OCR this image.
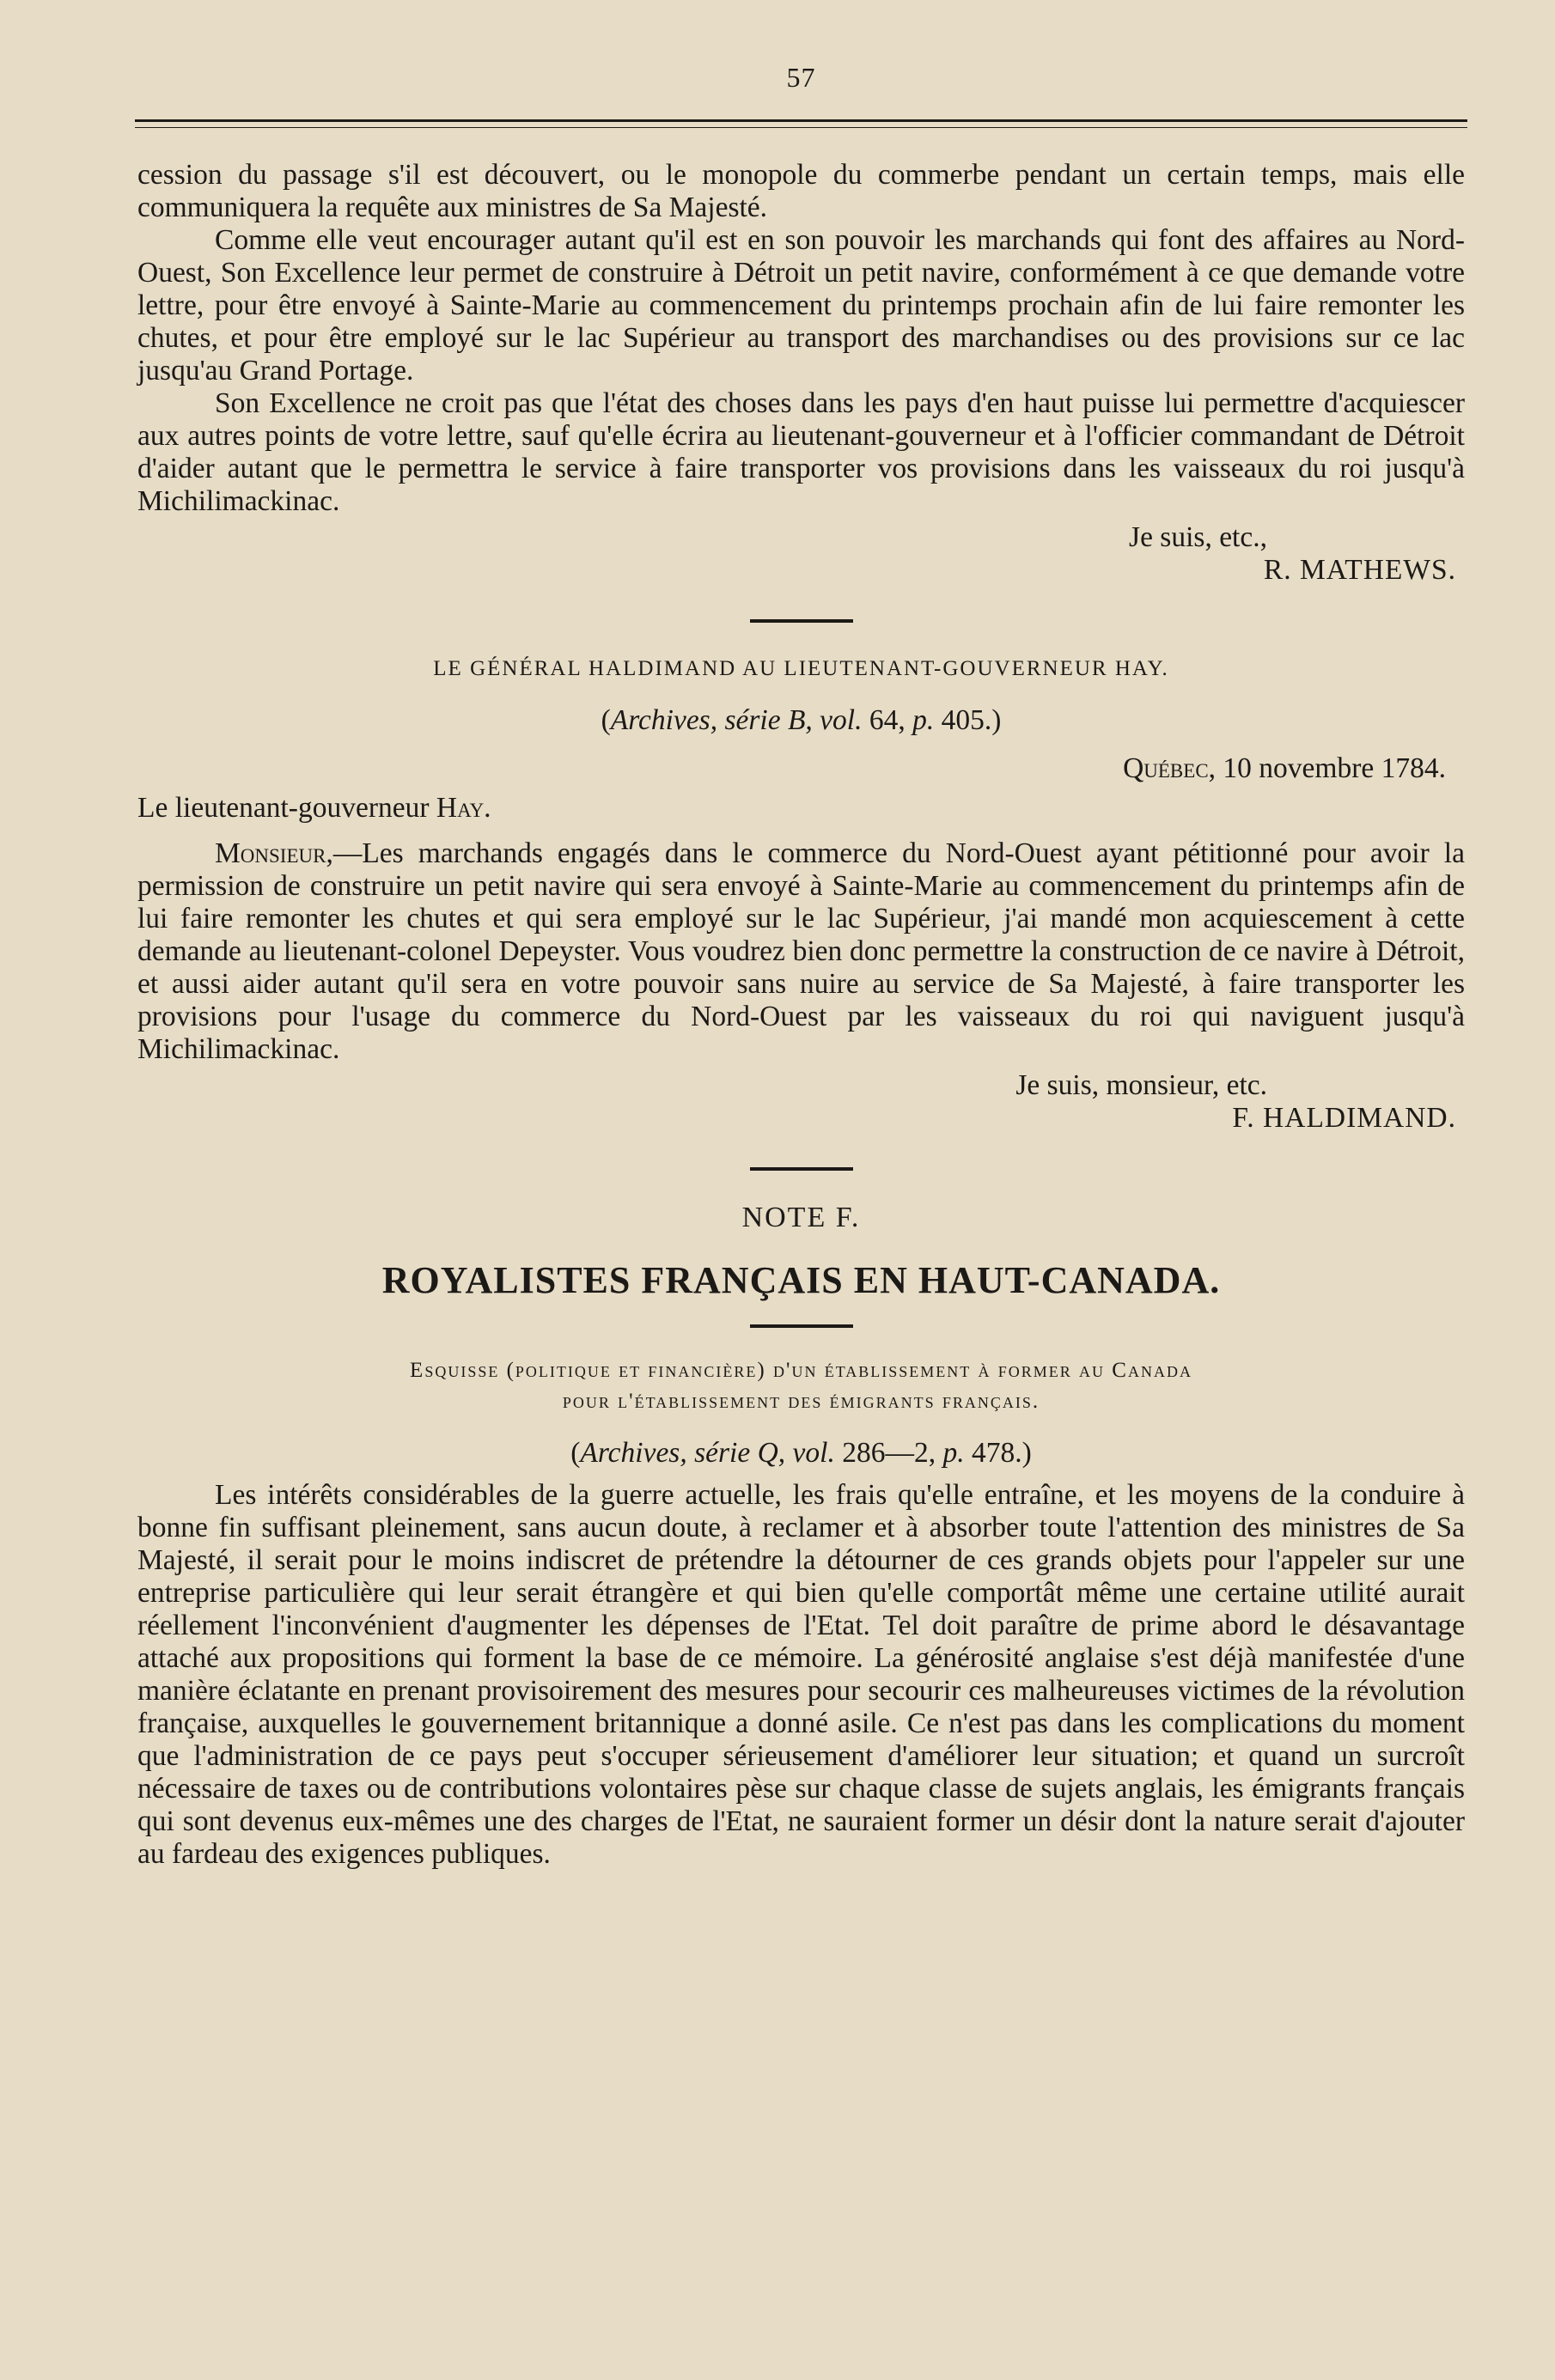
57

cession du passage s'il est découvert, ou le monopole du commerbe pendant un certain temps, mais elle communiquera la requête aux ministres de Sa Majesté.

Comme elle veut encourager autant qu'il est en son pouvoir les marchands qui font des affaires au Nord-Ouest, Son Excellence leur permet de construire à Détroit un petit navire, conformément à ce que demande votre lettre, pour être envoyé à Sainte-Marie au commencement du printemps prochain afin de lui faire remonter les chutes, et pour être employé sur le lac Supérieur au transport des marchandises ou des provisions sur ce lac jusqu'au Grand Portage.

Son Excellence ne croit pas que l'état des choses dans les pays d'en haut puisse lui permettre d'acquiescer aux autres points de votre lettre, sauf qu'elle écrira au lieutenant-gouverneur et à l'officier commandant de Détroit d'aider autant que le permettra le service à faire transporter vos provisions dans les vaisseaux du roi jusqu'à Michilimackinac.

Je suis, etc.,
R. MATHEWS.
LE GÉNÉRAL HALDIMAND AU LIEUTENANT-GOUVERNEUR HAY.
(Archives, série B, vol. 64, p. 405.)
Québec, 10 novembre 1784.
Le lieutenant-gouverneur Hay.

Monsieur,—Les marchands engagés dans le commerce du Nord-Ouest ayant pétitionné pour avoir la permission de construire un petit navire qui sera envoyé à Sainte-Marie au commencement du printemps afin de lui faire remonter les chutes et qui sera employé sur le lac Supérieur, j'ai mandé mon acquiescement à cette demande au lieutenant-colonel Depeyster. Vous voudrez bien donc permettre la construction de ce navire à Détroit, et aussi aider autant qu'il sera en votre pouvoir sans nuire au service de Sa Majesté, à faire transporter les provisions pour l'usage du commerce du Nord-Ouest par les vaisseaux du roi qui naviguent jusqu'à Michilimackinac.

Je suis, monsieur, etc.
F. HALDIMAND.
NOTE F.
ROYALISTES FRANÇAIS EN HAUT-CANADA.
Esquisse (politique et financière) d'un établissement à former au Canada
pour l'établissement des émigrants français.
(Archives, série Q, vol. 286—2, p. 478.)

Les intérêts considérables de la guerre actuelle, les frais qu'elle entraîne, et les moyens de la conduire à bonne fin suffisant pleinement, sans aucun doute, à reclamer et à absorber toute l'attention des ministres de Sa Majesté, il serait pour le moins indiscret de prétendre la détourner de ces grands objets pour l'appeler sur une entreprise particulière qui leur serait étrangère et qui bien qu'elle comportât même une certaine utilité aurait réellement l'inconvénient d'augmenter les dépenses de l'Etat. Tel doit paraître de prime abord le désavantage attaché aux propositions qui forment la base de ce mémoire. La générosité anglaise s'est déjà manifestée d'une manière éclatante en prenant provisoirement des mesures pour secourir ces malheureuses victimes de la révolution française, auxquelles le gouvernement britannique a donné asile. Ce n'est pas dans les complications du moment que l'administration de ce pays peut s'occuper sérieusement d'améliorer leur situation; et quand un surcroît nécessaire de taxes ou de contributions volontaires pèse sur chaque classe de sujets anglais, les émigrants français qui sont devenus eux-mêmes une des charges de l'Etat, ne sauraient former un désir dont la nature serait d'ajouter au fardeau des exigences publiques.
